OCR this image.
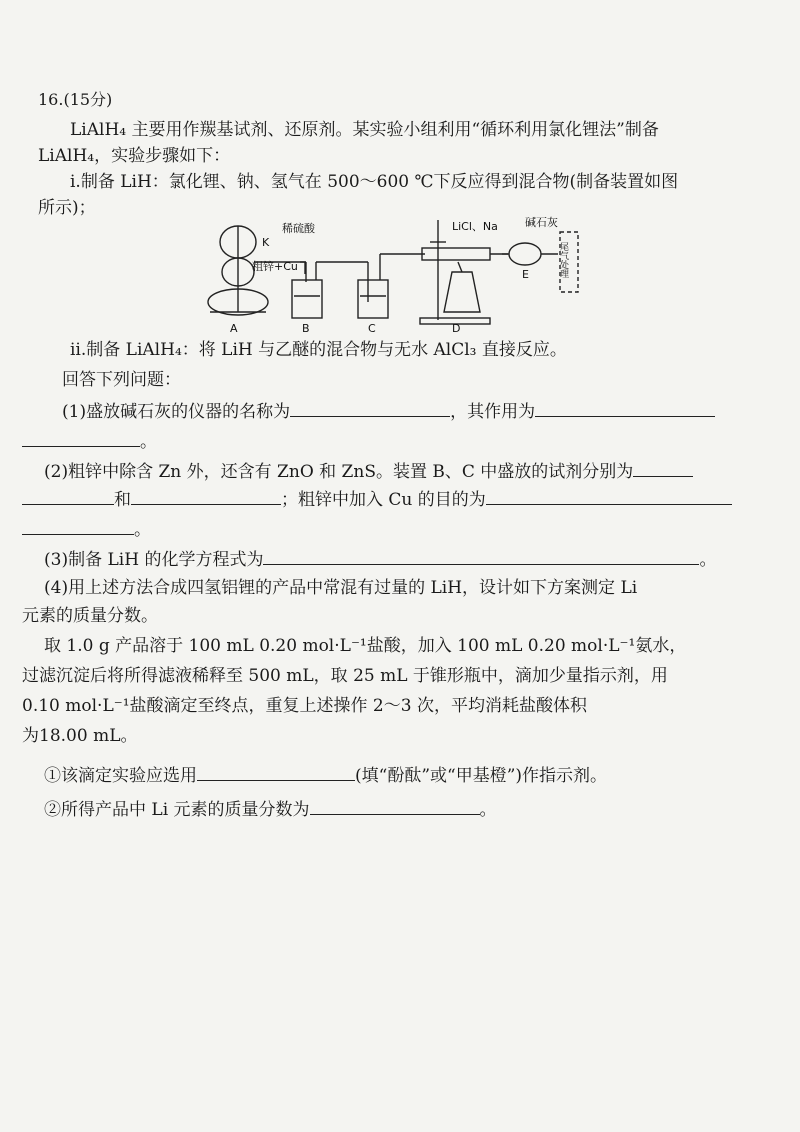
16.(15分)
LiAlH₄ 主要用作羰基试剂、还原剂。某实验小组利用“循环利用氯化锂法”制备
LiAlH₄，实验步骤如下：
ⅰ.制备 LiH：氯化锂、钠、氢气在 500～600 ℃下反应得到混合物(制备装置如图
所示)；
稀硫酸
K
粗锌+Cu
LiCl、Na 碱石灰
尾气处理
A	B	C	D
E
ⅱ.制备 LiAlH₄：将 LiH 与乙醚的混合物与无水 AlCl₃ 直接反应。
回答下列问题：
(1)盛放碱石灰的仪器的名称为	，其作用为
。
(2)粗锌中除含 Zn 外，还含有 ZnO 和 ZnS。装置 B、C 中盛放的试剂分别为
和	；粗锌中加入 Cu 的目的为
。
(3)制备 LiH 的化学方程式为	。
(4)用上述方法合成四氢铝锂的产品中常混有过量的 LiH，设计如下方案测定 Li
元素的质量分数。
取 1.0 g 产品溶于 100 mL 0.20 mol·L⁻¹盐酸，加入 100 mL 0.20 mol·L⁻¹氨水，
过滤沉淀后将所得滤液稀释至 500 mL，取 25 mL 于锥形瓶中，滴加少量指示剂，用
0.10 mol·L⁻¹盐酸滴定至终点，重复上述操作 2～3 次，平均消耗盐酸体积
为18.00 mL。
①该滴定实验应选用	(填“酚酞”或“甲基橙”)作指示剂。
②所得产品中 Li 元素的质量分数为	。
